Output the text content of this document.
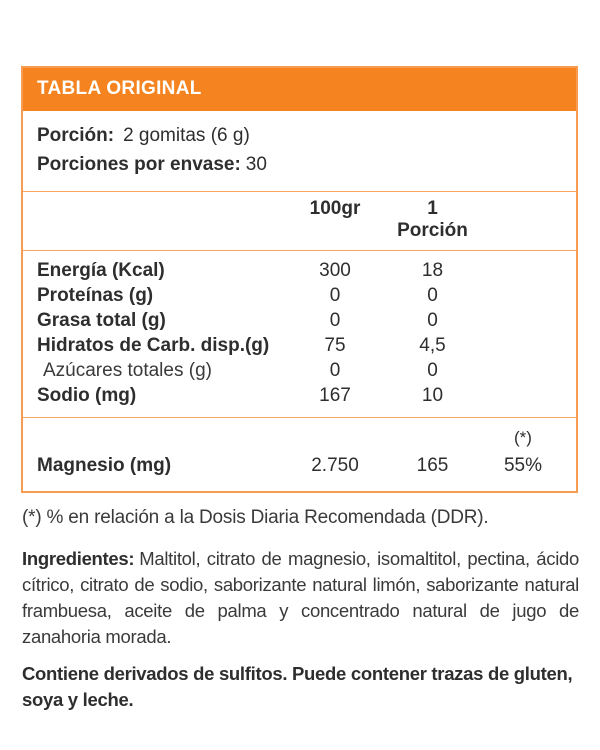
TABLA ORIGINAL
Porción: 2 gomitas (6 g)
Porciones por envase: 30
100gr	1 Porción
Energía (Kcal)	300	18
Proteínas (g)	0	0
Grasa total (g)	0	0
Hidratos de Carb. disp.(g)	75	4,5
Azúcares totales (g)	0	0
Sodio (mg)	167	10
(*)
Magnesio (mg)	2.750	165	55%

(*) % en relación a la Dosis Diaria Recomendada (DDR).

Ingredientes: Maltitol, citrato de magnesio, isomaltitol, pectina, ácido cítrico, citrato de sodio, saborizante natural limón, saborizante natural frambuesa, aceite de palma y concentrado natural de jugo de zanahoria morada.

Contiene derivados de sulfitos. Puede contener trazas de gluten, soya y leche.
